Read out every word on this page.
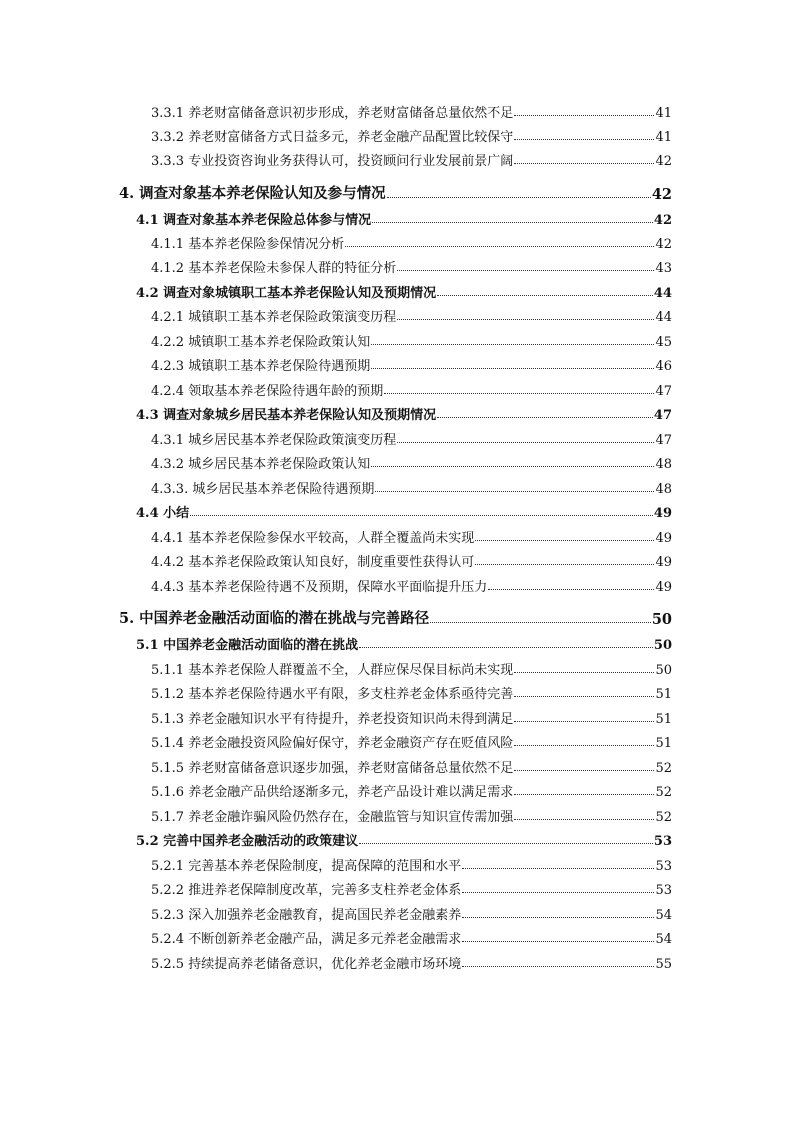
3.3.1 养老财富储备意识初步形成，养老财富储备总量依然不足	41
3.3.2 养老财富储备方式日益多元，养老金融产品配置比较保守	41
3.3.3 专业投资咨询业务获得认可，投资顾问行业发展前景广阔	42
4. 调查对象基本养老保险认知及参与情况	42
4.1 调查对象基本养老保险总体参与情况	42
4.1.1 基本养老保险参保情况分析	42
4.1.2 基本养老保险未参保人群的特征分析	43
4.2 调查对象城镇职工基本养老保险认知及预期情况	44
4.2.1 城镇职工基本养老保险政策演变历程	44
4.2.2 城镇职工基本养老保险政策认知	45
4.2.3 城镇职工基本养老保险待遇预期	46
4.2.4 领取基本养老保险待遇年龄的预期	47
4.3 调查对象城乡居民基本养老保险认知及预期情况	47
4.3.1 城乡居民基本养老保险政策演变历程	47
4.3.2 城乡居民基本养老保险政策认知	48
4.3.3. 城乡居民基本养老保险待遇预期	48
4.4 小结	49
4.4.1 基本养老保险参保水平较高，人群全覆盖尚未实现	49
4.4.2 基本养老保险政策认知良好，制度重要性获得认可	49
4.4.3 基本养老保险待遇不及预期，保障水平面临提升压力	49
5. 中国养老金融活动面临的潜在挑战与完善路径	50
5.1 中国养老金融活动面临的潜在挑战	50
5.1.1 基本养老保险人群覆盖不全，人群应保尽保目标尚未实现	50
5.1.2 基本养老保险待遇水平有限，多支柱养老金体系亟待完善	51
5.1.3 养老金融知识水平有待提升，养老投资知识尚未得到满足	51
5.1.4 养老金融投资风险偏好保守，养老金融资产存在贬值风险	51
5.1.5 养老财富储备意识逐步加强，养老财富储备总量依然不足	52
5.1.6 养老金融产品供给逐渐多元，养老产品设计难以满足需求	52
5.1.7 养老金融诈骗风险仍然存在，金融监管与知识宣传需加强	52
5.2 完善中国养老金融活动的政策建议	53
5.2.1 完善基本养老保险制度，提高保障的范围和水平	53
5.2.2 推进养老保障制度改革，完善多支柱养老金体系	53
5.2.3 深入加强养老金融教育，提高国民养老金融素养	54
5.2.4 不断创新养老金融产品，满足多元养老金融需求	54
5.2.5 持续提高养老储备意识，优化养老金融市场环境	55
